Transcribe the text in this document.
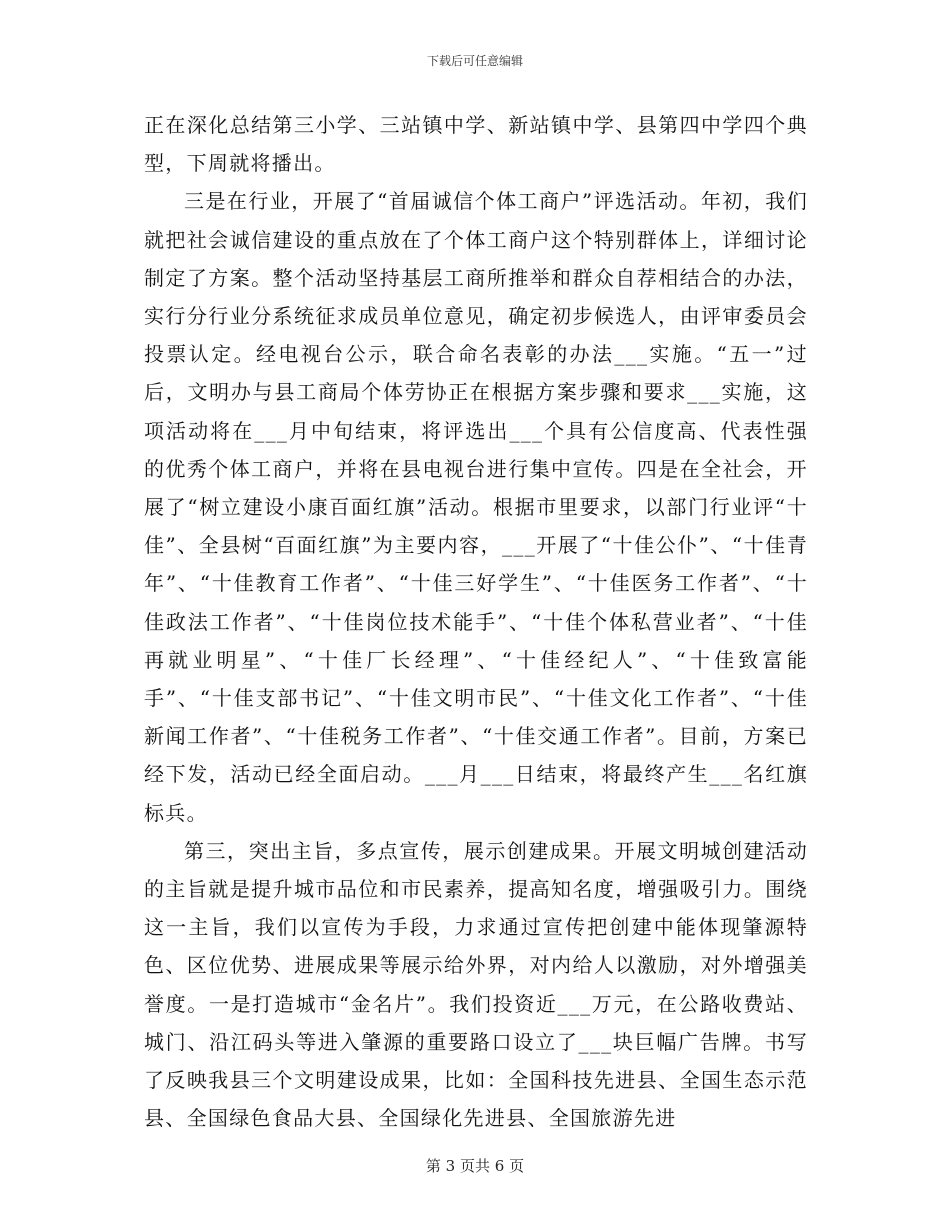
下载后可任意编辑

正在深化总结第三小学、三站镇中学、新站镇中学、县第四中学四个典型，下周就将播出。

三是在行业，开展了“首届诚信个体工商户”评选活动。年初，我们就把社会诚信建设的重点放在了个体工商户这个特别群体上，详细讨论制定了方案。整个活动坚持基层工商所推举和群众自荐相结合的办法，实行分行业分系统征求成员单位意见，确定初步候选人，由评审委员会投票认定。经电视台公示，联合命名表彰的办法___实施。“五一”过后，文明办与县工商局个体劳协正在根据方案步骤和要求___实施，这项活动将在___月中旬结束，将评选出___个具有公信度高、代表性强的优秀个体工商户，并将在县电视台进行集中宣传。四是在全社会，开展了“树立建设小康百面红旗”活动。根据市里要求，以部门行业评“十佳”、全县树“百面红旗”为主要内容，___开展了“十佳公仆”、“十佳青年”、“十佳教育工作者”、“十佳三好学生”、“十佳医务工作者”、“十佳政法工作者”、“十佳岗位技术能手”、“十佳个体私营业者”、“十佳再就业明星”、“十佳厂长经理”、“十佳经纪人”、“十佳致富能手”、“十佳支部书记”、“十佳文明市民”、“十佳文化工作者”、“十佳新闻工作者”、“十佳税务工作者”、“十佳交通工作者”。目前，方案已经下发，活动已经全面启动。___月___日结束，将最终产生___名红旗标兵。

第三，突出主旨，多点宣传，展示创建成果。开展文明城创建活动的主旨就是提升城市品位和市民素养，提高知名度，增强吸引力。围绕这一主旨，我们以宣传为手段，力求通过宣传把创建中能体现肇源特色、区位优势、进展成果等展示给外界，对内给人以激励，对外增强美誉度。一是打造城市“金名片”。我们投资近___万元，在公路收费站、城门、沿江码头等进入肇源的重要路口设立了___块巨幅广告牌。书写了反映我县三个文明建设成果，比如：全国科技先进县、全国生态示范县、全国绿色食品大县、全国绿化先进县、全国旅游先进

第 3 页共 6 页
